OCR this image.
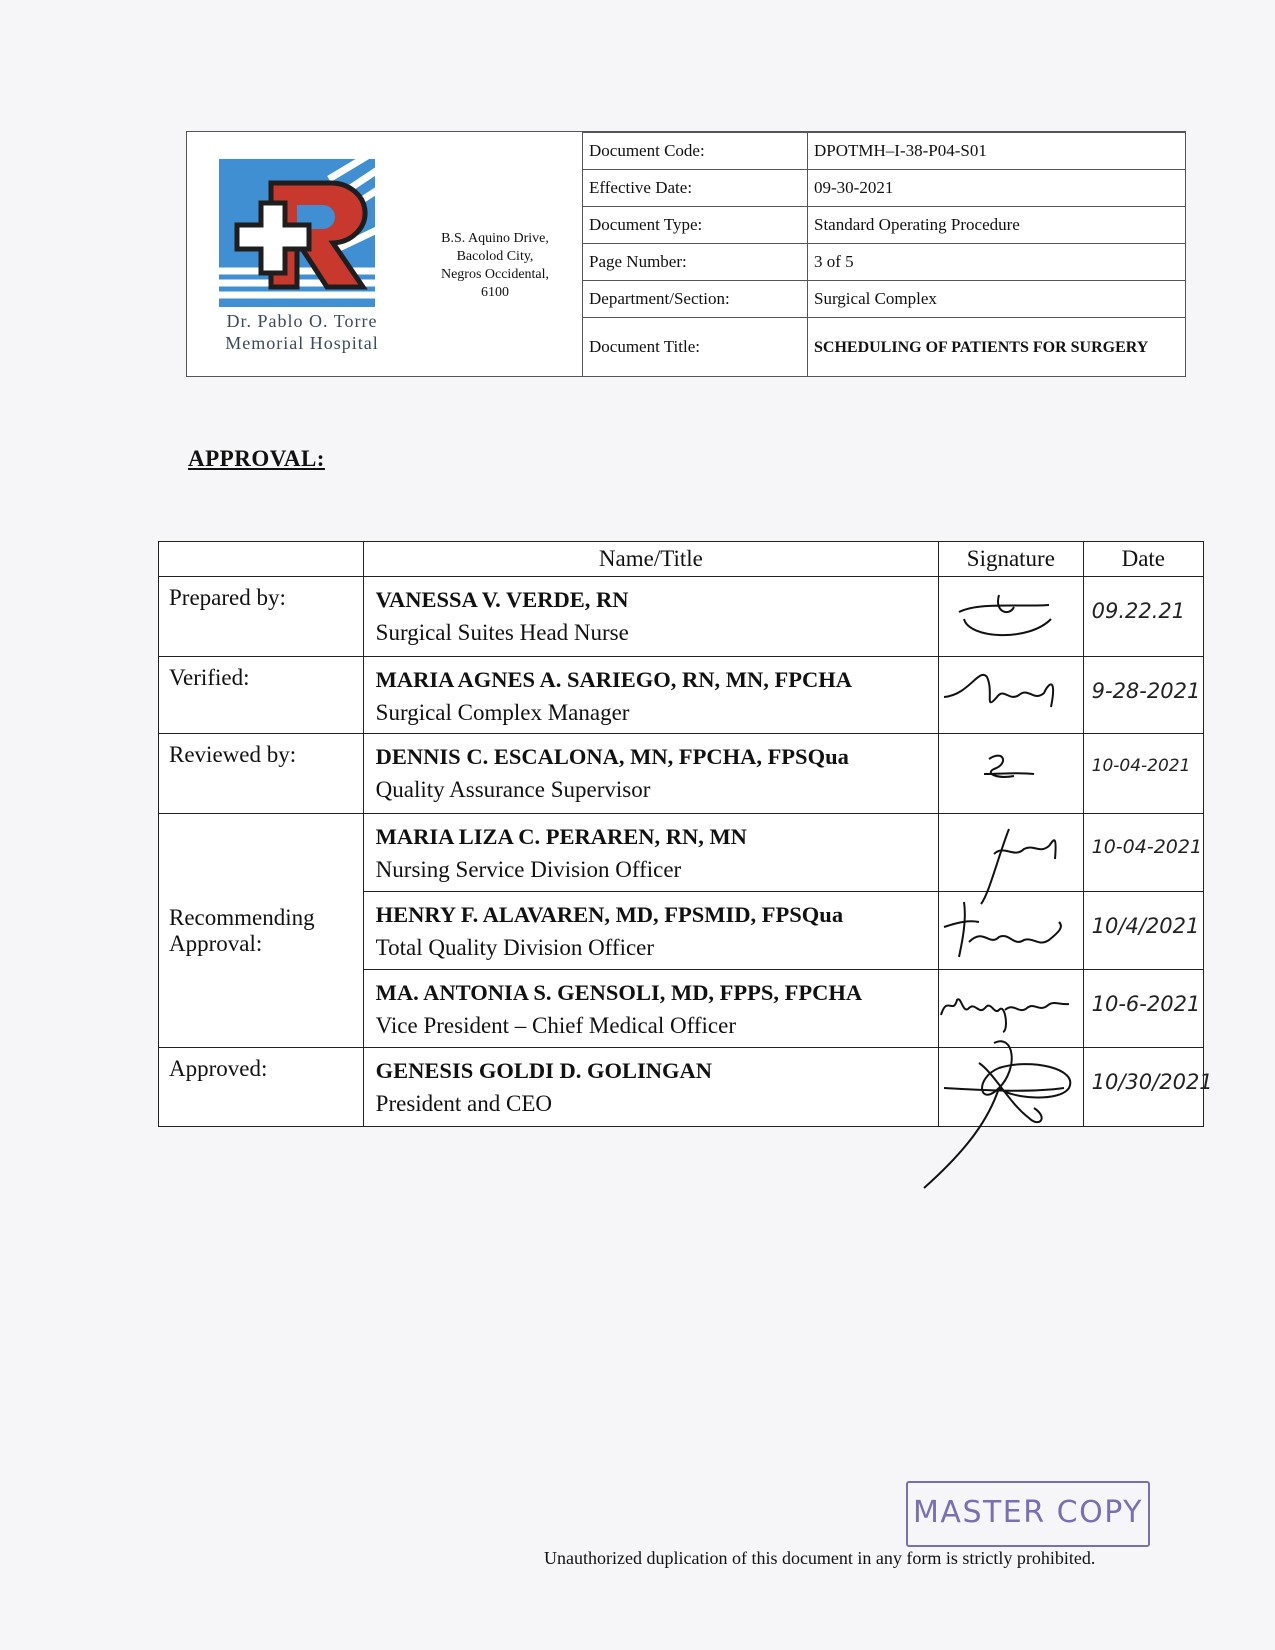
Dr. Pablo O. Torre
Memorial Hospital
B.S. Aquino Drive,
Bacolod City,
Negros Occidental,
6100
Document Code:	DPOTMH–I-38-P04-S01
Effective Date:	09-30-2021
Document Type:	Standard Operating Procedure
Page Number:	3 of 5
Department/Section:	Surgical Complex
Document Title:	SCHEDULING OF PATIENTS FOR SURGERY
APPROVAL:
	Name/Title	Signature	Date
Prepared by:	VANESSA V. VERDE, RN
Surgical Suites Head Nurse		09.22.21

Verified:	MARIA AGNES A. SARIEGO, RN, MN, FPCHA
Surgical Complex Manager		9-28-2021

Reviewed by:	DENNIS C. ESCALONA, MN, FPCHA, FPSQua
Quality Assurance Supervisor		10-04-2021

Recommending Approval:	MARIA LIZA C. PERAREN, RN, MN
Nursing Service Division Officer		10-04-2021

	HENRY F. ALAVAREN, MD, FPSMID, FPSQua
Total Quality Division Officer		10/4/2021

	MA. ANTONIA S. GENSOLI, MD, FPPS, FPCHA
Vice President – Chief Medical Officer		10-6-2021

Approved:	GENESIS GOLDI D. GOLINGAN
President and CEO		10/30/2021
MASTER COPY
Unauthorized duplication of this document in any form is strictly prohibited.
